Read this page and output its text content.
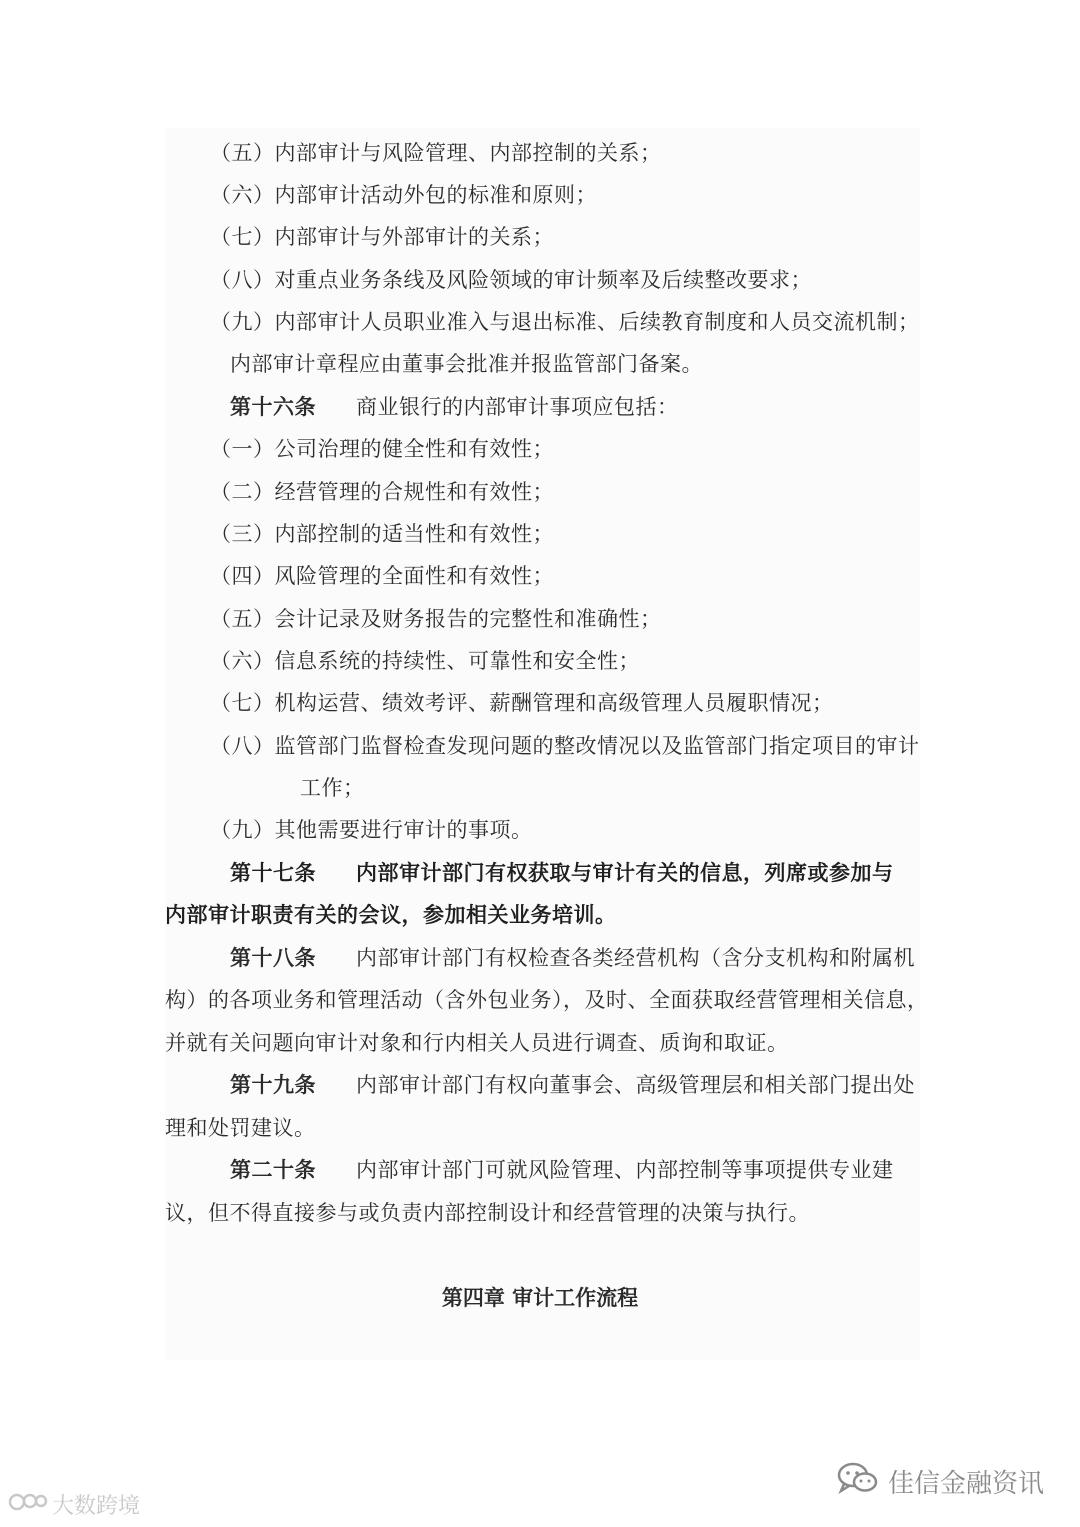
（五）内部审计与风险管理、内部控制的关系；
（六）内部审计活动外包的标准和原则；
（七）内部审计与外部审计的关系；
（八）对重点业务条线及风险领域的审计频率及后续整改要求；
（九）内部审计人员职业准入与退出标准、后续教育制度和人员交流机制；
内部审计章程应由董事会批准并报监管部门备案。
第十六条 商业银行的内部审计事项应包括：
（一）公司治理的健全性和有效性；
（二）经营管理的合规性和有效性；
（三）内部控制的适当性和有效性；
（四）风险管理的全面性和有效性；
（五）会计记录及财务报告的完整性和准确性；
（六）信息系统的持续性、可靠性和安全性；
（七）机构运营、绩效考评、薪酬管理和高级管理人员履职情况；
（八）监管部门监督检查发现问题的整改情况以及监管部门指定项目的审计
工作；
（九）其他需要进行审计的事项。
第十七条 内部审计部门有权获取与审计有关的信息，列席或参加与
内部审计职责有关的会议，参加相关业务培训。
第十八条 内部审计部门有权检查各类经营机构（含分支机构和附属机
构）的各项业务和管理活动（含外包业务），及时、全面获取经营管理相关信息，
并就有关问题向审计对象和行内相关人员进行调查、质询和取证。
第十九条 内部审计部门有权向董事会、高级管理层和相关部门提出处
理和处罚建议。
第二十条 内部审计部门可就风险管理、内部控制等事项提供专业建
议，但不得直接参与或负责内部控制设计和经营管理的决策与执行。
第四章 审计工作流程
大数跨境
佳信金融资讯
